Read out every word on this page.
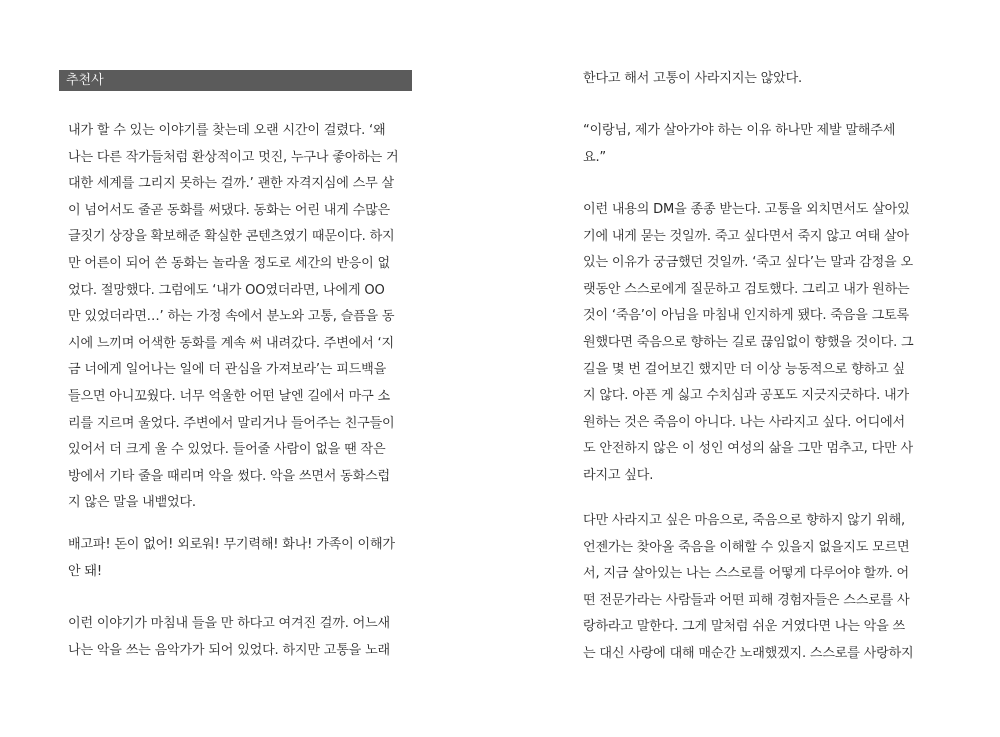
추천사
내가 할 수 있는 이야기를 찾는데 오랜 시간이 걸렸다. ‘왜
나는 다른 작가들처럼 환상적이고 멋진, 누구나 좋아하는 거
대한 세계를 그리지 못하는 걸까.’ 괜한 자격지심에 스무 살
이 넘어서도 줄곧 동화를 써댔다. 동화는 어린 내게 수많은
글짓기 상장을 확보해준 확실한 콘텐츠였기 때문이다. 하지
만 어른이 되어 쓴 동화는 놀라울 정도로 세간의 반응이 없
었다. 절망했다. 그럼에도 ‘내가 OO였더라면, 나에게 OO
만 있었더라면…’ 하는 가정 속에서 분노와 고통, 슬픔을 동
시에 느끼며 어색한 동화를 계속 써 내려갔다. 주변에서 ‘지
금 너에게 일어나는 일에 더 관심을 가져보라’는 피드백을
들으면 아니꼬웠다. 너무 억울한 어떤 날엔 길에서 마구 소
리를 지르며 울었다. 주변에서 말리거나 들어주는 친구들이
있어서 더 크게 울 수 있었다. 들어줄 사람이 없을 땐 작은
방에서 기타 줄을 때리며 악을 썼다. 악을 쓰면서 동화스럽
지 않은 말을 내뱉었다.
배고파! 돈이 없어! 외로워! 무기력해! 화나! 가족이 이해가
안 돼!
이런 이야기가 마침내 들을 만 하다고 여겨진 걸까. 어느새
나는 악을 쓰는 음악가가 되어 있었다. 하지만 고통을 노래
한다고 해서 고통이 사라지지는 않았다.
“이랑님, 제가 살아가야 하는 이유 하나만 제발 말해주세
요.”
이런 내용의 DM을 종종 받는다. 고통을 외치면서도 살아있
기에 내게 묻는 것일까. 죽고 싶다면서 죽지 않고 여태 살아
있는 이유가 궁금했던 것일까. ‘죽고 싶다’는 말과 감정을 오
랫동안 스스로에게 질문하고 검토했다. 그리고 내가 원하는
것이 ‘죽음’이 아님을 마침내 인지하게 됐다. 죽음을 그토록
원했다면 죽음으로 향하는 길로 끊임없이 향했을 것이다. 그
길을 몇 번 걸어보긴 했지만 더 이상 능동적으로 향하고 싶
지 않다. 아픈 게 싫고 수치심과 공포도 지긋지긋하다. 내가
원하는 것은 죽음이 아니다. 나는 사라지고 싶다. 어디에서
도 안전하지 않은 이 성인 여성의 삶을 그만 멈추고, 다만 사
라지고 싶다.
다만 사라지고 싶은 마음으로, 죽음으로 향하지 않기 위해,
언젠가는 찾아올 죽음을 이해할 수 있을지 없을지도 모르면
서, 지금 살아있는 나는 스스로를 어떻게 다루어야 할까. 어
떤 전문가라는 사람들과 어떤 피해 경험자들은 스스로를 사
랑하라고 말한다. 그게 말처럼 쉬운 거였다면 나는 악을 쓰
는 대신 사랑에 대해 매순간 노래했겠지. 스스로를 사랑하지
